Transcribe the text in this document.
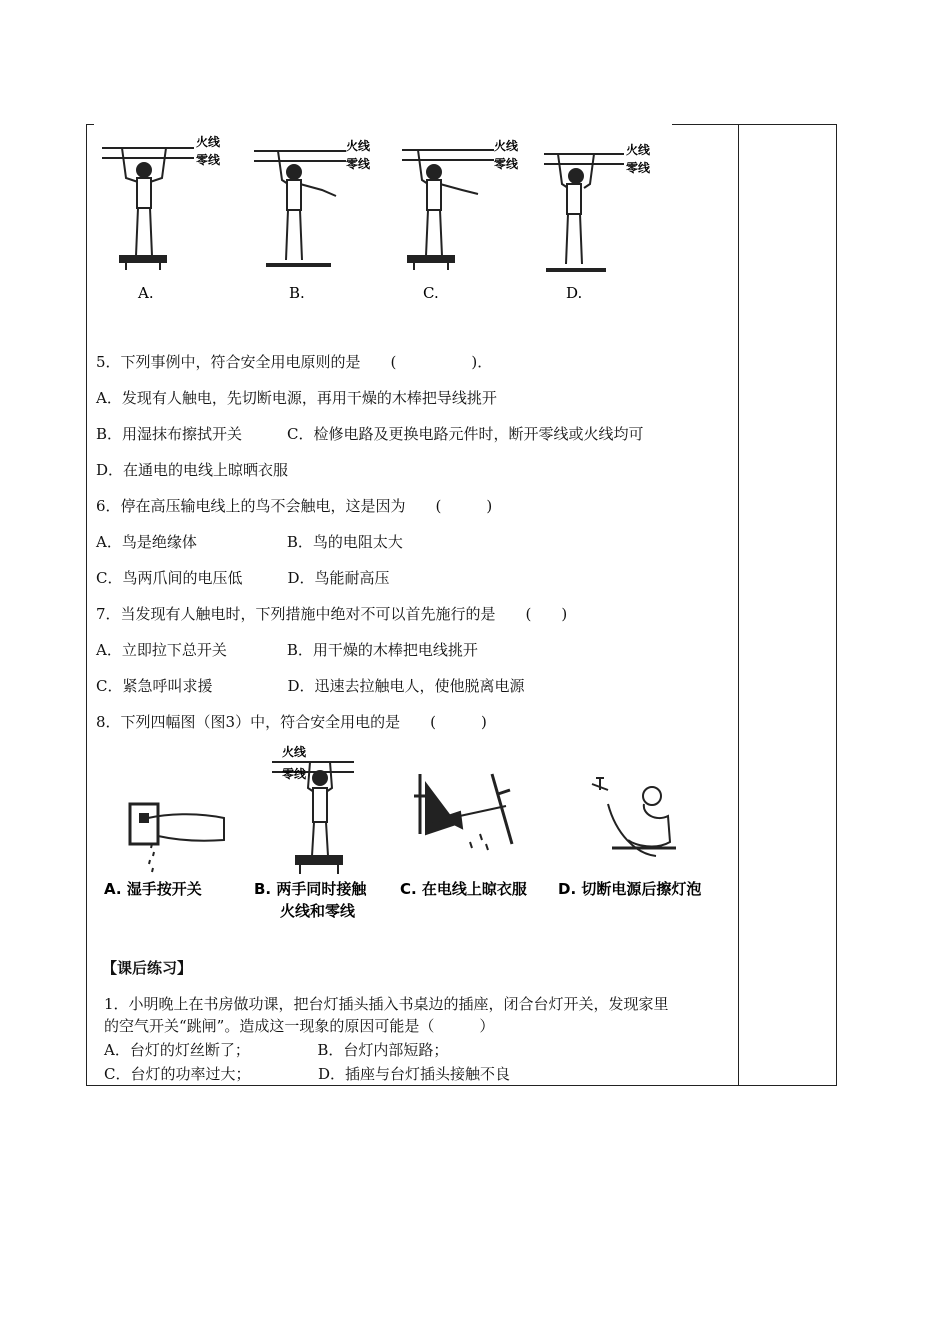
火线
零线
火线
零线
火线
零线
火线
零线
A.	B.	C.	D.
5．下列事例中，符合安全用电原则的是　　(　　　　　)．
A．发现有人触电，先切断电源，再用干燥的木棒把导线挑开
B．用湿抹布擦拭开关　　　C．检修电路及更换电路元件时，断开零线或火线均可
D．在通电的电线上晾晒衣服
6．停在高压输电线上的鸟不会触电，这是因为　　(　　　)
A．鸟是绝缘体　　　　　　B．鸟的电阻太大
C．鸟两爪间的电压低　　　D．鸟能耐高压
7．当发现有人触电时，下列措施中绝对不可以首先施行的是　　(　　)
A．立即拉下总开关　　　　B．用干燥的木棒把电线挑开
C．紧急呼叫求援　　　　　D．迅速去拉触电人，使他脱离电源
8．下列四幅图（图3）中，符合安全用电的是　　(　　　)
火线
零线
A. 湿手按开关	B. 两手同时接触
火线和零线
C. 在电线上晾衣服 D. 切断电源后擦灯泡
【课后练习】
1．小明晚上在书房做功课，把台灯插头插入书桌边的插座，闭合台灯开关，发现家里
的空气开关“跳闸”。造成这一现象的原因可能是（　　　）
A．台灯的灯丝断了；　　　　　B．台灯内部短路；
C．台灯的功率过大；　　　　　D．插座与台灯插头接触不良
